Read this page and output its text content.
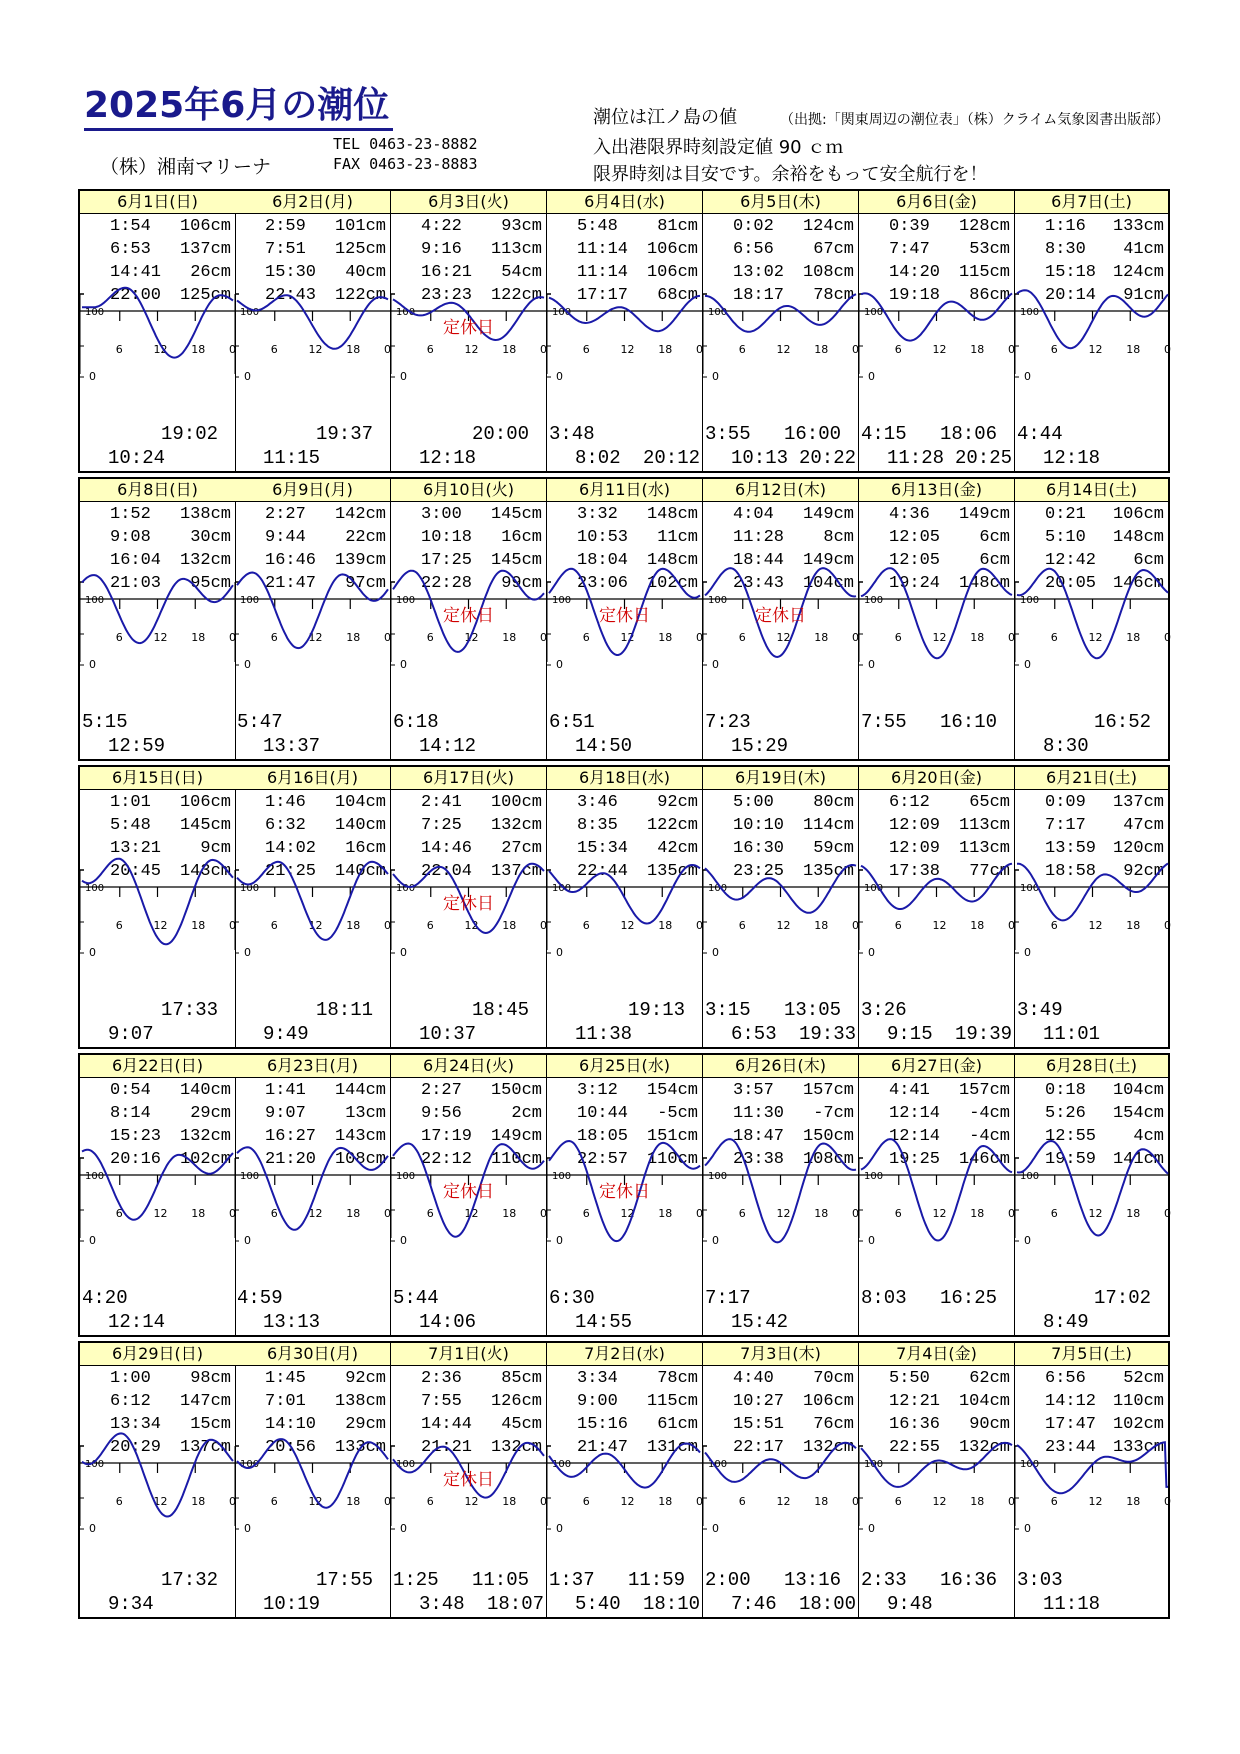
2025年6月の潮位
（株）湘南マリーナ
TEL 0463-23-8882
FAX 0463-23-8883
潮位は江ノ島の値	（出拠:「関東周辺の潮位表」（株）クライム気象図書出版部）
入出港限界時刻設定値 90 ｃｍ
限界時刻は目安です。余裕をもって安全航行を！
6月1日(日)
1:54 106cm
6:53 137cm
14:41 26cm
22:00 125cm
100
0
6	12 18 0
19:02
10:24
6月2日(月)
2:59 101cm
7:51 125cm
15:30 40cm
22:43 122cm
100
0
6	12 18 0
19:37
11:15
6月3日(火)
4:22 93cm
9:16 113cm
16:21 54cm
23:23 122cm
100
0
6	12 18 0
定休日
20:00
12:18
6月4日(水)
5:48 81cm
11:14 106cm
11:14 106cm
17:17 68cm
100
0
6	12 18 0
3:48
8:02 20:12
6月5日(木)
0:02 124cm
6:56 67cm
13:02 108cm
18:17 78cm
100
0
6	12 18 0
3:55 16:00
10:13 20:22
6月6日(金)
0:39 128cm
7:47 53cm
14:20 115cm
19:18 86cm
100
0
6	12 18 0
4:15 18:06
11:28 20:25
6月7日(土)
1:16 133cm
8:30 41cm
15:18 124cm
20:14 91cm
100
0
6	12 18 0
4:44
12:18
6月8日(日)
1:52 138cm
9:08 30cm
16:04 132cm
21:03 95cm
100
0
6	12 18 0
5:15
12:59
6月9日(月)
2:27 142cm
9:44 22cm
16:46 139cm
21:47 97cm
100
0
6	12 18 0
5:47
13:37
6月10日(火)
3:00 145cm
10:18 16cm
17:25 145cm
22:28 99cm
100
0
6	12 18 0
定休日
6:18
14:12
6月11日(水)
3:32 148cm
10:53 11cm
18:04 148cm
23:06 102cm
100
0
6	12 18 0
定休日
6:51
14:50
6月12日(木)
4:04 149cm
11:28 8cm
18:44 149cm
23:43 104cm
100
0
6	12 18 0
定休日
7:23
15:29
6月13日(金)
4:36 149cm
12:05 6cm
12:05 6cm
19:24 148cm
100
0
6	12 18 0
7:55 16:10
6月14日(土)
0:21 106cm
5:10 148cm
12:42 6cm
20:05 146cm
100
0
6	12 18 0
16:52
8:30
6月15日(日)
1:01 106cm
5:48 145cm
13:21 9cm
20:45 143cm
100
0
6	12 18 0
17:33
9:07
6月16日(月)
1:46 104cm
6:32 140cm
14:02 16cm
21:25 140cm
100
0
6	12 18 0
18:11
9:49
6月17日(火)
2:41 100cm
7:25 132cm
14:46 27cm
22:04 137cm
100
0
6	12 18 0
定休日
18:45
10:37
6月18日(水)
3:46 92cm
8:35 122cm
15:34 42cm
22:44 135cm
100
0
6	12 18 0
19:13
11:38
6月19日(木)
5:00 80cm
10:10 114cm
16:30 59cm
23:25 135cm
100
0
6	12 18 0
3:15 13:05
6:53 19:33
6月20日(金)
6:12 65cm
12:09 113cm
12:09 113cm
17:38 77cm
100
0
6	12 18 0
3:26
9:15 19:39
6月21日(土)
0:09 137cm
7:17 47cm
13:59 120cm
18:58 92cm
100
0
6	12 18 0
3:49
11:01
6月22日(日)
0:54 140cm
8:14 29cm
15:23 132cm
20:16 102cm
100
0
6	12 18 0
4:20
12:14
6月23日(月)
1:41 144cm
9:07 13cm
16:27 143cm
21:20 108cm
100
0
6	12 18 0
4:59
13:13
6月24日(火)
2:27 150cm
9:56	2cm
17:19 149cm
22:12 110cm
100
0
6	12 18 0
定休日
5:44
14:06
6月25日(水)
3:12 154cm
10:44 -5cm
18:05 151cm
22:57 110cm
100
0
6	12 18 0
定休日
6:30
14:55
6月26日(木)
3:57 157cm
11:30 -7cm
18:47 150cm
23:38 108cm
100
0
6	12 18 0
7:17
15:42
6月27日(金)
4:41 157cm
12:14 -4cm
12:14 -4cm
19:25 146cm
100
0
6	12 18 0
8:03 16:25
6月28日(土)
0:18 104cm
5:26 154cm
12:55 4cm
19:59 141cm
100
0
6	12 18 0
17:02
8:49
6月29日(日)
1:00 98cm
6:12 147cm
13:34 15cm
20:29 137cm
100
0
6	12 18 0
17:32
9:34
6月30日(月)
1:45 92cm
7:01 138cm
14:10 29cm
20:56 133cm
100
0
6	12 18 0
17:55
10:19
7月1日(火)
2:36 85cm
7:55 126cm
14:44 45cm
21:21 132cm
100
0
6	12 18 0
定休日
1:25 11:05
3:48 18:07
7月2日(水)
3:34 78cm
9:00 115cm
15:16 61cm
21:47 131cm
100
0
6	12 18 0
1:37 11:59
5:40 18:10
7月3日(木)
4:40 70cm
10:27 106cm
15:51 76cm
22:17 132cm
100
0
6	12 18 0
2:00 13:16
7:46 18:00
7月4日(金)
5:50 62cm
12:21 104cm
16:36 90cm
22:55 132cm
100
0
6	12 18 0
2:33 16:36
9:48
7月5日(土)
6:56 52cm
14:12 110cm
17:47 102cm
23:44 133cm
100
0
6	12 18 0
3:03
11:18
